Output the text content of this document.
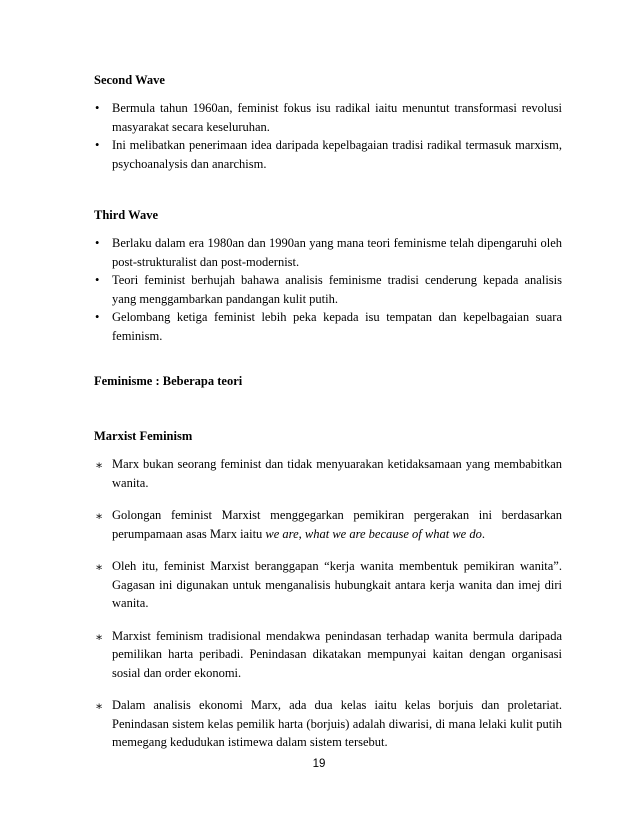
Second Wave
•	Bermula tahun 1960an, feminist fokus isu radikal iaitu menuntut transformasi revolusi masyarakat secara keseluruhan.
•	Ini melibatkan penerimaan idea daripada kepelbagaian tradisi radikal termasuk marxism, psychoanalysis dan anarchism.
Third Wave
•	Berlaku dalam era 1980an dan 1990an yang mana teori feminisme telah dipengaruhi oleh post-strukturalist dan post-modernist.
•	Teori feminist berhujah bahawa analisis feminisme tradisi cenderung kepada analisis yang menggambarkan pandangan kulit putih.
•	Gelombang ketiga feminist lebih peka kepada isu tempatan dan kepelbagaian suara feminism.
Feminisme : Beberapa teori
Marxist Feminism
∗ Marx bukan seorang feminist dan tidak menyuarakan ketidaksamaan yang membabitkan wanita.
∗ Golongan feminist Marxist menggegarkan pemikiran pergerakan ini berdasarkan perumpamaan asas Marx iaitu we are, what we are because of what we do.
∗ Oleh itu, feminist Marxist beranggapan “kerja wanita membentuk pemikiran wanita”. Gagasan ini digunakan untuk menganalisis hubungkait antara kerja wanita dan imej diri wanita.
∗ Marxist feminism tradisional mendakwa penindasan terhadap wanita bermula daripada pemilikan harta peribadi. Penindasan dikatakan mempunyai kaitan dengan organisasi sosial dan order ekonomi.
∗ Dalam analisis ekonomi Marx, ada dua kelas iaitu kelas borjuis dan proletariat. Penindasan sistem kelas pemilik harta (borjuis) adalah diwarisi, di mana lelaki kulit putih memegang kedudukan istimewa dalam sistem tersebut.
19
